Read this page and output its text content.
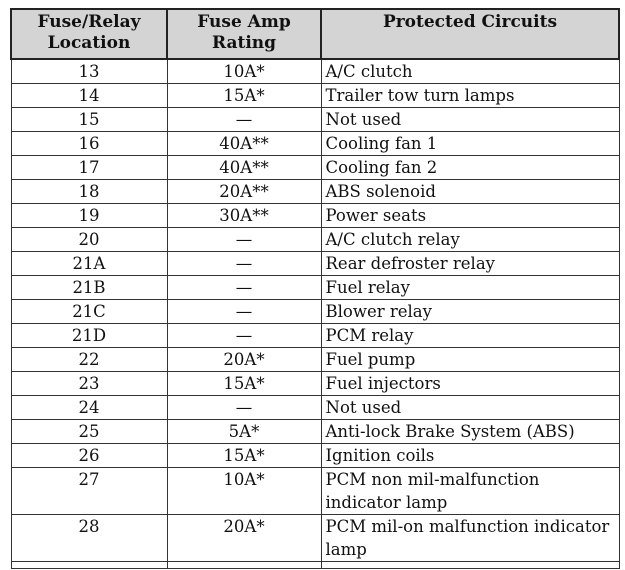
Fuse/Relay Location	Fuse Amp Rating	Protected Circuits
13	10A*	A/C clutch
14	15A*	Trailer tow turn lamps
15	—	Not used
16	40A**	Cooling fan 1
17	40A**	Cooling fan 2
18	20A**	ABS solenoid
19	30A**	Power seats
20	—	A/C clutch relay
21A	—	Rear defroster relay
21B	—	Fuel relay
21C	—	Blower relay
21D	—	PCM relay
22	20A*	Fuel pump
23	15A*	Fuel injectors
24	—	Not used
25	5A*	Anti-lock Brake System (ABS)
26	15A*	Ignition coils
27	10A*	PCM non mil-malfunction indicator lamp
28	20A*	PCM mil-on malfunction indicator lamp
